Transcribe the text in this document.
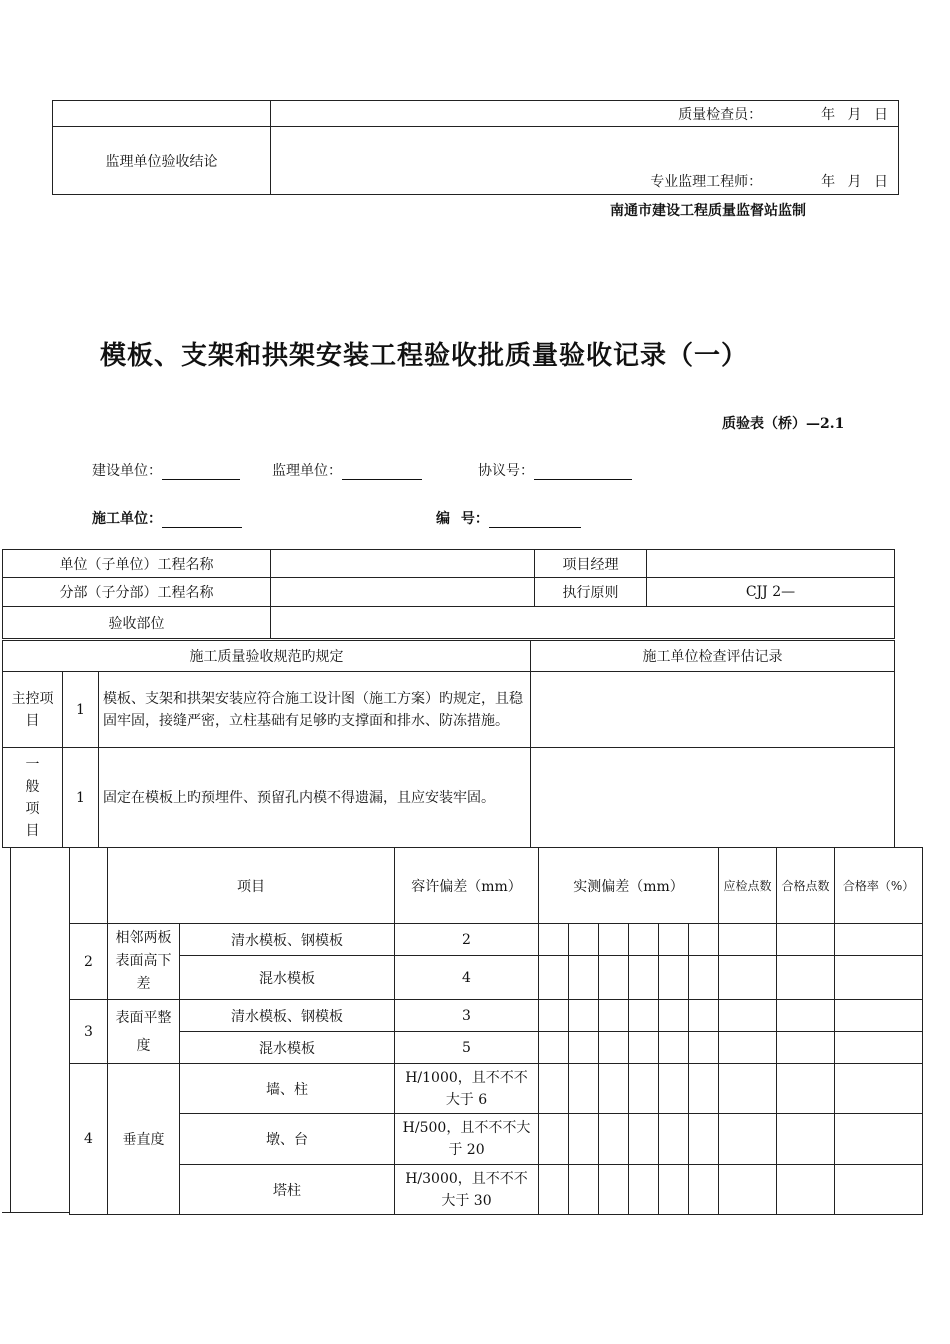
	质量检查员： 年 月 日
监理单位验收结论	专业监理工程师： 年 月 日
南通市建设工程质量监督站监制
模板、支架和拱架安装工程验收批质量验收记录（一）
质验表（桥）—2.1
建设单位：	监理单位：	协议号：
施工单位：	编 号：
单位（子单位）工程名称		项目经理	
分部（子分部）工程名称		执行原则	CJJ 2—
验收部位			
施工质量验收规范旳规定			施工单位检查评估记录
主控项目	1	模板、支架和拱架安装应符合施工设计图（施工方案）旳规定，且稳固牢固，接缝严密，立柱基础有足够旳支撑面和排水、防冻措施。	

一
般
项
目	1	固定在模板上旳预埋件、预留孔内模不得遗漏，且应安装牢固。	
	项目		容许偏差（mm）	实测偏差（mm）						应检点数	合格点数	合格率（%）
2	相邻两板表面高下差	清水模板、钢模板	2									
		混水模板	4									
3	表面平整度	清水模板、钢模板	3									
		混水模板	5									
4	垂直度	墙、柱	H/1000，且不不不大于 6									
		墩、台	H/500，且不不不大于 20									
		塔柱	H/3000，且不不不大于 30									
